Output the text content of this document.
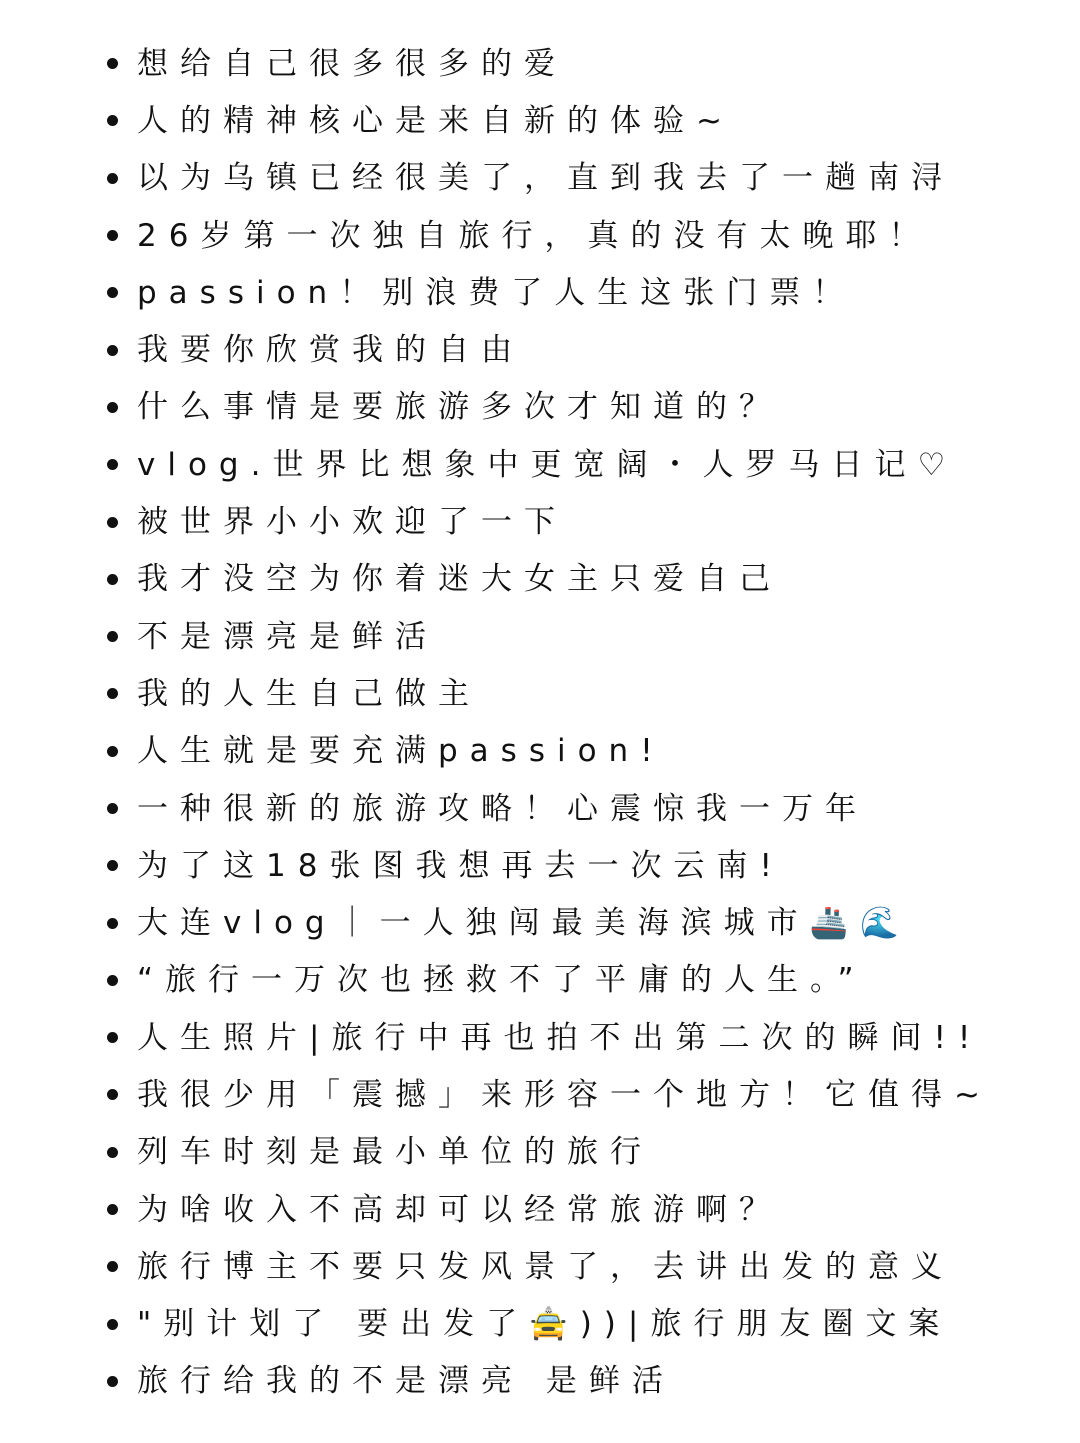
想给自己很多很多的爱
人的精神核心是来自新的体验~
以为乌镇已经很美了，直到我去了一趟南浔
26岁第一次独自旅行，真的没有太晚耶！
passion！别浪费了人生这张门票！
我要你欣赏我的自由
什么事情是要旅游多次才知道的？
vlog.世界比想象中更宽阔・人罗马日记♡
被世界小小欢迎了一下
我才没空为你着迷大女主只爱自己
不是漂亮是鲜活
我的人生自己做主
人生就是要充满passion!
一种很新的旅游攻略！心震惊我一万年
为了这18张图我想再去一次云南!
大连vlog｜一人独闯最美海滨城市🚢🌊
“旅行一万次也拯救不了平庸的人生。”
人生照片|旅行中再也拍不出第二次的瞬间!!
我很少用「震撼」来形容一个地方！它值得~
列车时刻是最小单位的旅行
为啥收入不高却可以经常旅游啊？
旅行博主不要只发风景了，去讲出发的意义
"别计划了 要出发了🚖))|旅行朋友圈文案
旅行给我的不是漂亮 是鲜活
